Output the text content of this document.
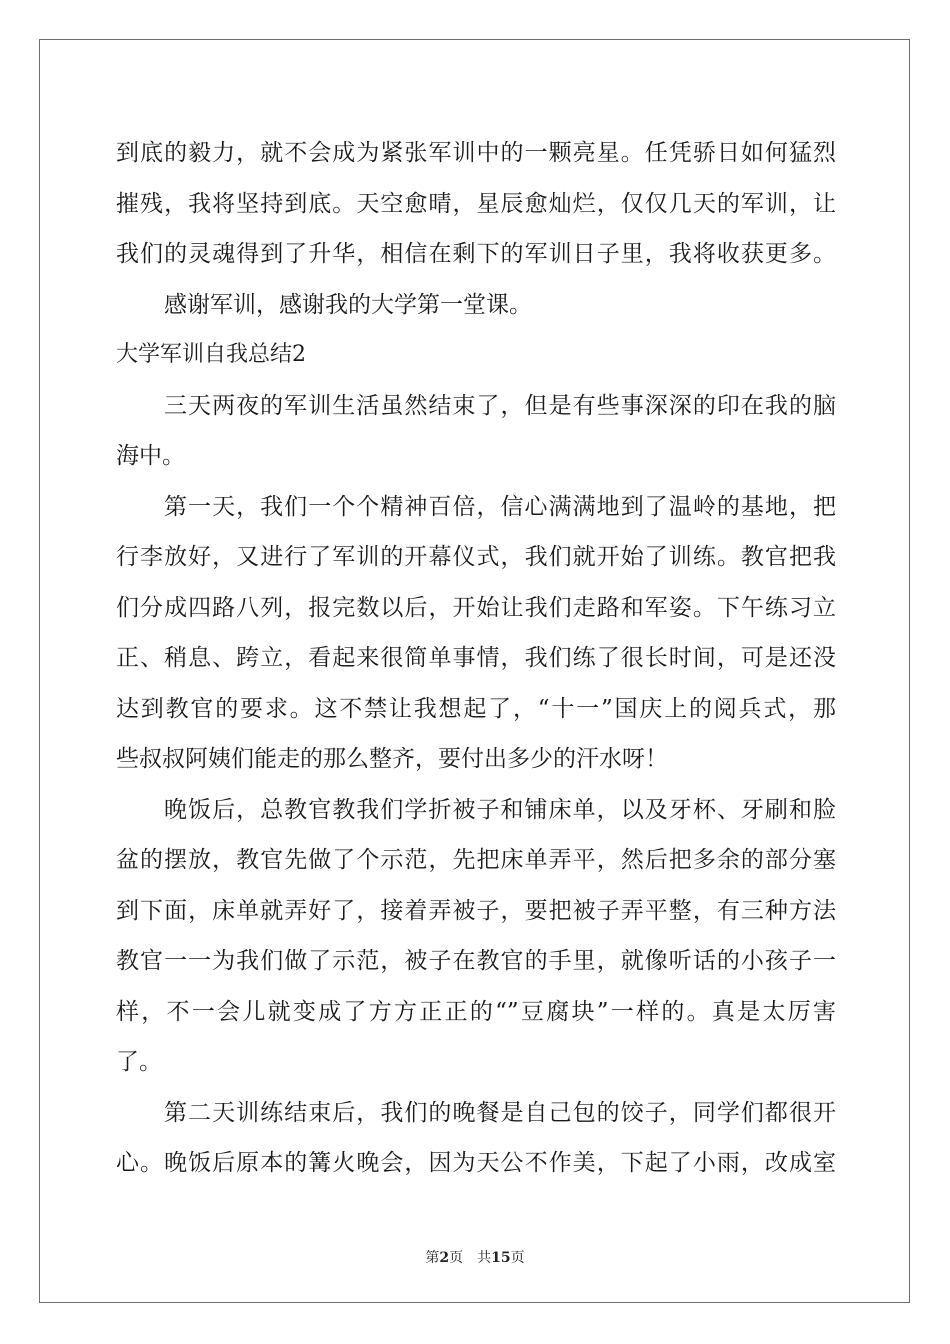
到底的毅力，就不会成为紧张军训中的一颗亮星。任凭骄日如何猛烈
摧残，我将坚持到底。天空愈晴，星辰愈灿烂，仅仅几天的军训，让
我们的灵魂得到了升华，相信在剩下的军训日子里，我将收获更多。
感谢军训，感谢我的大学第一堂课。
大学军训自我总结2
三天两夜的军训生活虽然结束了，但是有些事深深的印在我的脑
海中。
第一天，我们一个个精神百倍，信心满满地到了温岭的基地，把
行李放好，又进行了军训的开幕仪式，我们就开始了训练。教官把我
们分成四路八列，报完数以后，开始让我们走路和军姿。下午练习立
正、稍息、跨立，看起来很简单事情，我们练了很长时间，可是还没
达到教官的要求。这不禁让我想起了，“十一”国庆上的阅兵式，那
些叔叔阿姨们能走的那么整齐，要付出多少的汗水呀！
晚饭后，总教官教我们学折被子和铺床单，以及牙杯、牙刷和脸
盆的摆放，教官先做了个示范，先把床单弄平，然后把多余的部分塞
到下面，床单就弄好了，接着弄被子，要把被子弄平整，有三种方法
教官一一为我们做了示范，被子在教官的手里，就像听话的小孩子一
样，不一会儿就变成了方方正正的“”豆腐块”一样的。真是太厉害
了。
第二天训练结束后，我们的晚餐是自己包的饺子，同学们都很开
心。晚饭后原本的篝火晚会，因为天公不作美，下起了小雨，改成室
第2页 共15页
